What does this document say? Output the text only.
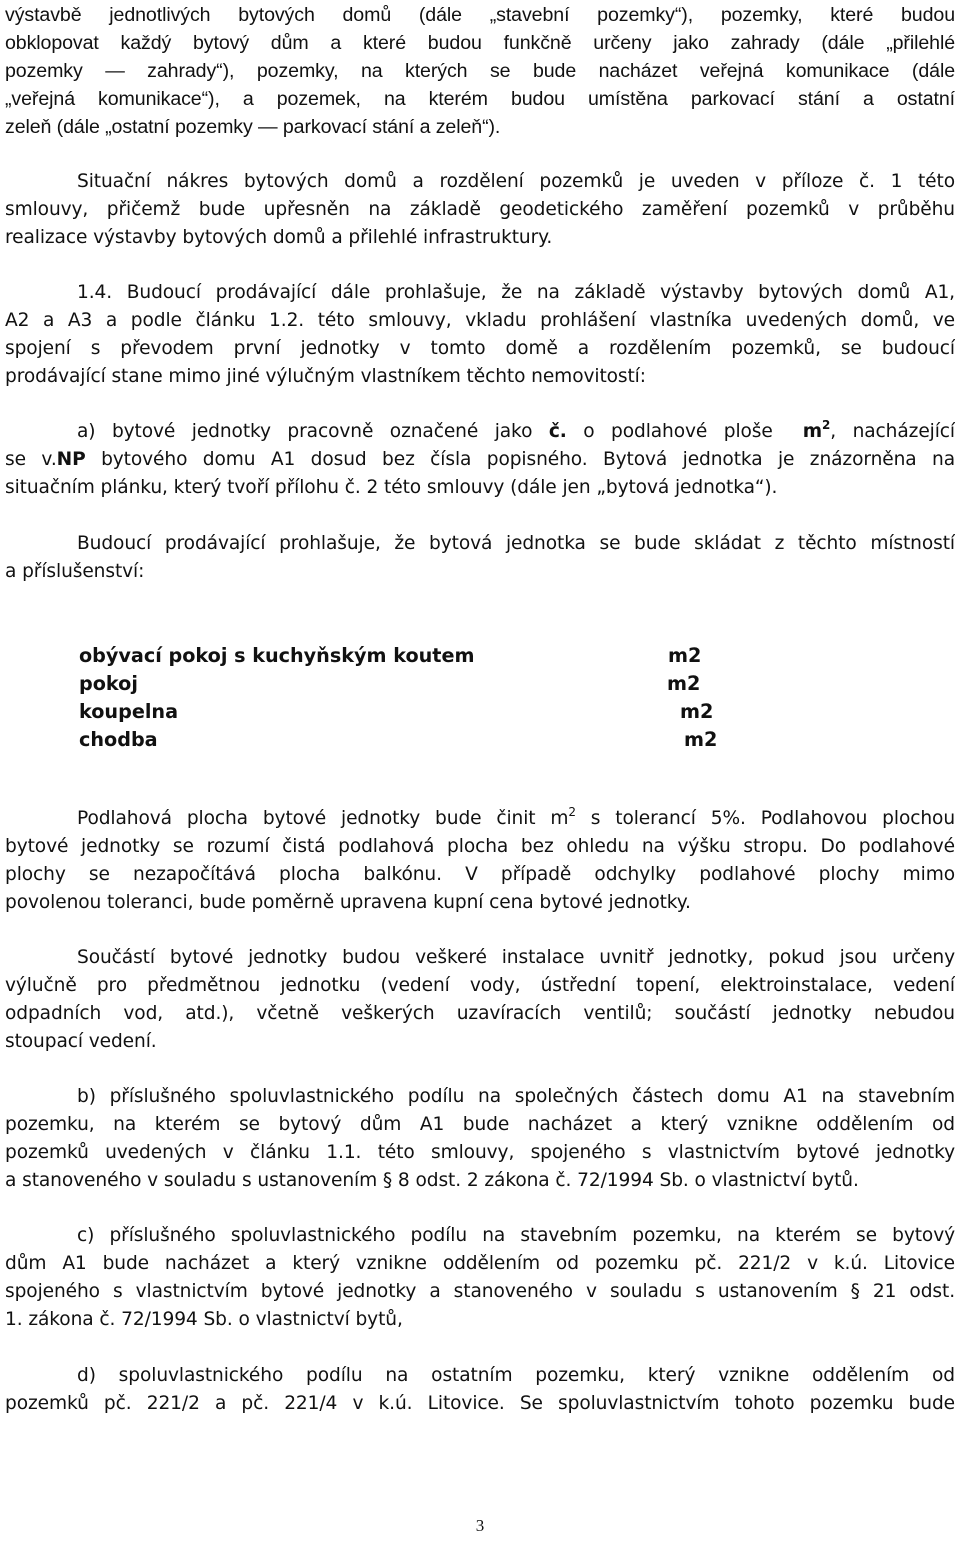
výstavbě jednotlivých bytových domů (dále „stavební pozemky“), pozemky, které budou
obklopovat každý bytový dům a které budou funkčně určeny jako zahrady (dále „přilehlé
pozemky — zahrady“), pozemky, na kterých se bude nacházet veřejná komunikace (dále
„veřejná komunikace“), a pozemek, na kterém budou umístěna parkovací stání a ostatní
zeleň (dále „ostatní pozemky — parkovací stání a zeleň“).
Situační nákres bytových domů a rozdělení pozemků je uveden v příloze č. 1 této
smlouvy, přičemž bude upřesněn na základě geodetického zaměření pozemků v průběhu
realizace výstavby bytových domů a přilehlé infrastruktury.
1.4. Budoucí prodávající dále prohlašuje, že na základě výstavby bytových domů A1,
A2 a A3 a podle článku 1.2. této smlouvy, vkladu prohlášení vlastníka uvedených domů, ve
spojení s převodem první jednotky v tomto domě a rozdělením pozemků, se budoucí
prodávající stane mimo jiné výlučným vlastníkem těchto nemovitostí:
a) bytové jednotky pracovně označené jako č. o podlahové ploše $m^2$, nacházející
se v.NP bytového domu A1 dosud bez čísla popisného. Bytová jednotka je znázorněna na
situačním plánku, který tvoří přílohu č. 2 této smlouvy (dále jen „bytová jednotka“).
Budoucí prodávající prohlašuje, že bytová jednotka se bude skládat z těchto místností
a příslušenství:
obývací pokoj s kuchyňským koutem	m2
pokoj	m2
koupelna	m2
chodba	m2
Podlahová plocha bytové jednotky bude činit $m^2$ s tolerancí 5%. Podlahovou plochou
bytové jednotky se rozumí čistá podlahová plocha bez ohledu na výšku stropu. Do podlahové
plochy se nezapočítává plocha balkónu. V případě odchylky podlahové plochy mimo
povolenou toleranci, bude poměrně upravena kupní cena bytové jednotky.
Součástí bytové jednotky budou veškeré instalace uvnitř jednotky, pokud jsou určeny
výlučně pro předmětnou jednotku (vedení vody, ústřední topení, elektroinstalace, vedení
odpadních vod, atd.), včetně veškerých uzavíracích ventilů; součástí jednotky nebudou
stoupací vedení.
b) příslušného spoluvlastnického podílu na společných částech domu A1 na stavebním
pozemku, na kterém se bytový dům A1 bude nacházet a který vznikne oddělením od
pozemků uvedených v článku 1.1. této smlouvy, spojeného s vlastnictvím bytové jednotky
a stanoveného v souladu s ustanovením § 8 odst. 2 zákona č. 72/1994 Sb. o vlastnictví bytů.
c) příslušného spoluvlastnického podílu na stavebním pozemku, na kterém se bytový
dům A1 bude nacházet a který vznikne oddělením od pozemku pč. 221/2 v k.ú. Litovice
spojeného s vlastnictvím bytové jednotky a stanoveného v souladu s ustanovením § 21 odst.
1. zákona č. 72/1994 Sb. o vlastnictví bytů,
d) spoluvlastnického podílu na ostatním pozemku, který vznikne oddělením od
pozemků pč. 221/2 a pč. 221/4 v k.ú. Litovice. Se spoluvlastnictvím tohoto pozemku bude
3
